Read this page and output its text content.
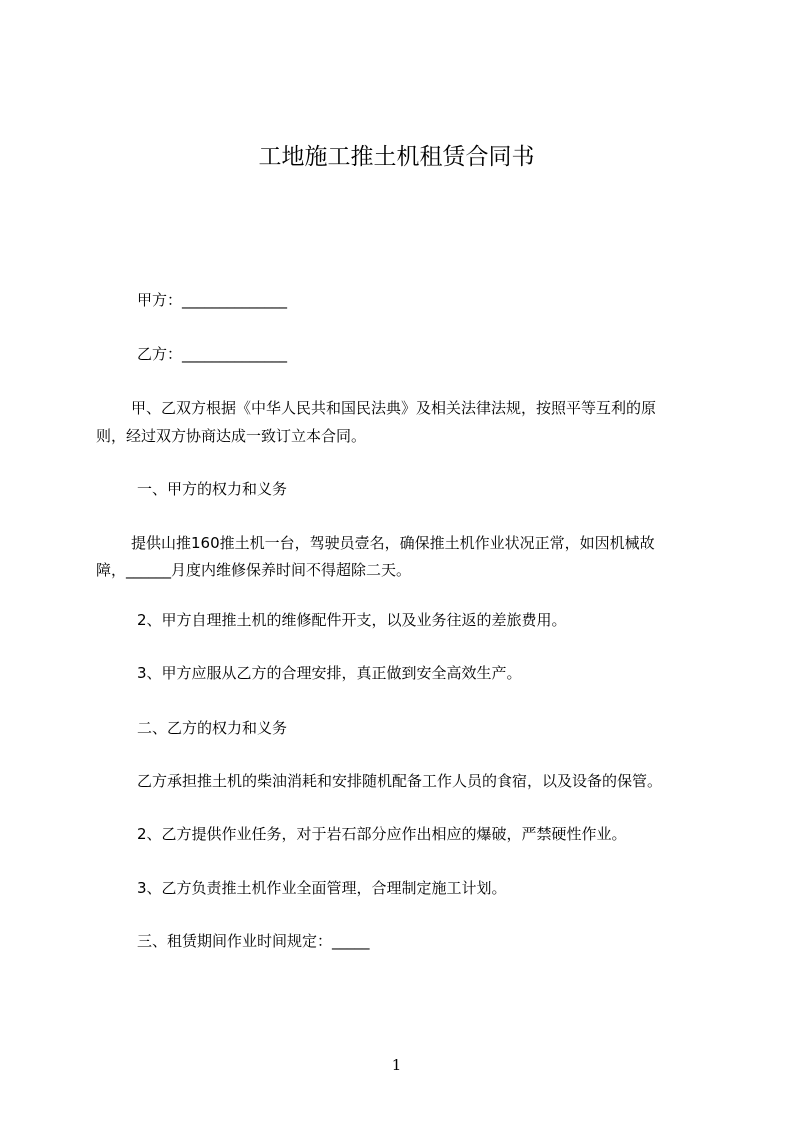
工地施工推土机租赁合同书
甲方：______________
乙方：______________
甲、乙双方根据《中华人民共和国民法典》及相关法律法规，按照平等互利的原
则，经过双方协商达成一致订立本合同。
一、甲方的权力和义务
提供山推160推土机一台，驾驶员壹名，确保推土机作业状况正常，如因机械故
障，______月度内维修保养时间不得超除二天。
2、甲方自理推土机的维修配件开支，以及业务往返的差旅费用。
3、甲方应服从乙方的合理安排，真正做到安全高效生产。
二、乙方的权力和义务
乙方承担推土机的柴油消耗和安排随机配备工作人员的食宿，以及设备的保管。
2、乙方提供作业任务，对于岩石部分应作出相应的爆破，严禁硬性作业。
3、乙方负责推土机作业全面管理，合理制定施工计划。
三、租赁期间作业时间规定：_____
1
